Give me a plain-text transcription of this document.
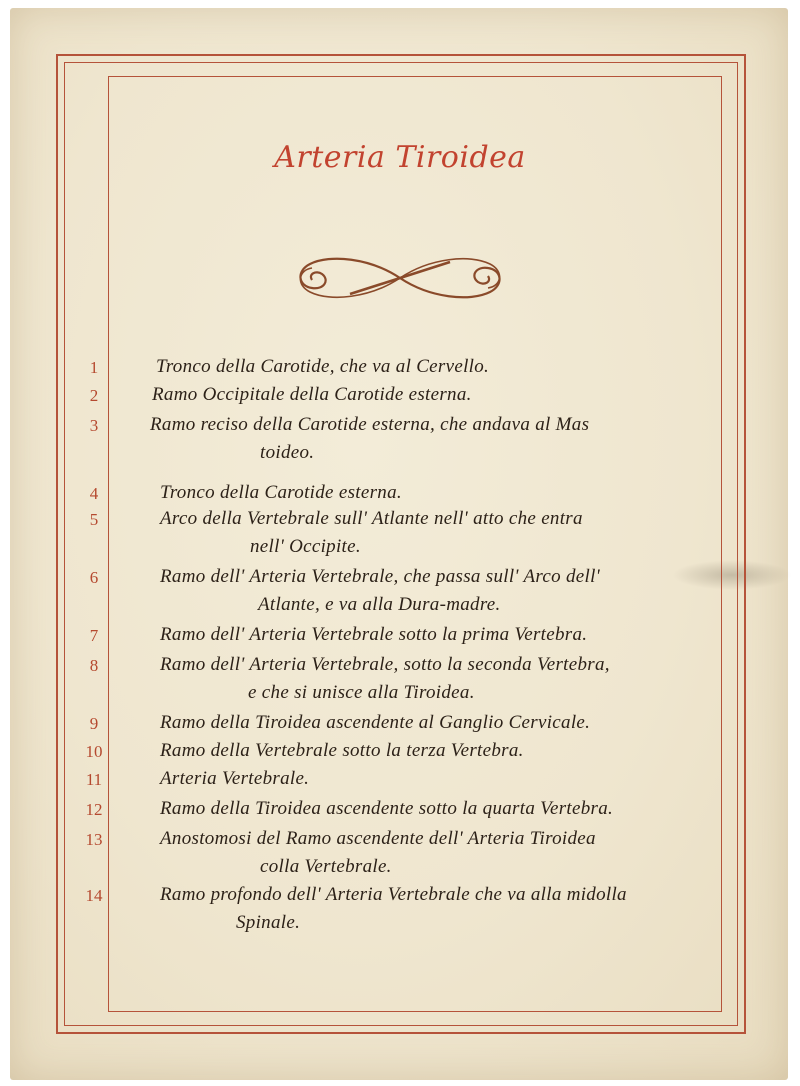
Arteria Tiroidea
1	Tronco della Carotide, che va al Cervello.
2	Ramo Occipitale della Carotide esterna.
3	Ramo reciso della Carotide esterna, che andava al Mas
toideo.
4	Tronco della Carotide esterna.
5	Arco della Vertebrale sull' Atlante nell' atto che entra
nell' Occipite.
6	Ramo dell' Arteria Vertebrale, che passa sull' Arco dell'
Atlante, e va alla Dura-madre.
7	Ramo dell' Arteria Vertebrale sotto la prima Vertebra.
8	Ramo dell' Arteria Vertebrale, sotto la seconda Vertebra,
e che si unisce alla Tiroidea.
9	Ramo della Tiroidea ascendente al Ganglio Cervicale.
10	Ramo della Vertebrale sotto la terza Vertebra.
11	Arteria Vertebrale.
12	Ramo della Tiroidea ascendente sotto la quarta Vertebra.
13	Anostomosi del Ramo ascendente dell' Arteria Tiroidea
colla Vertebrale.
14	Ramo profondo dell' Arteria Vertebrale che va alla midolla
Spinale.
